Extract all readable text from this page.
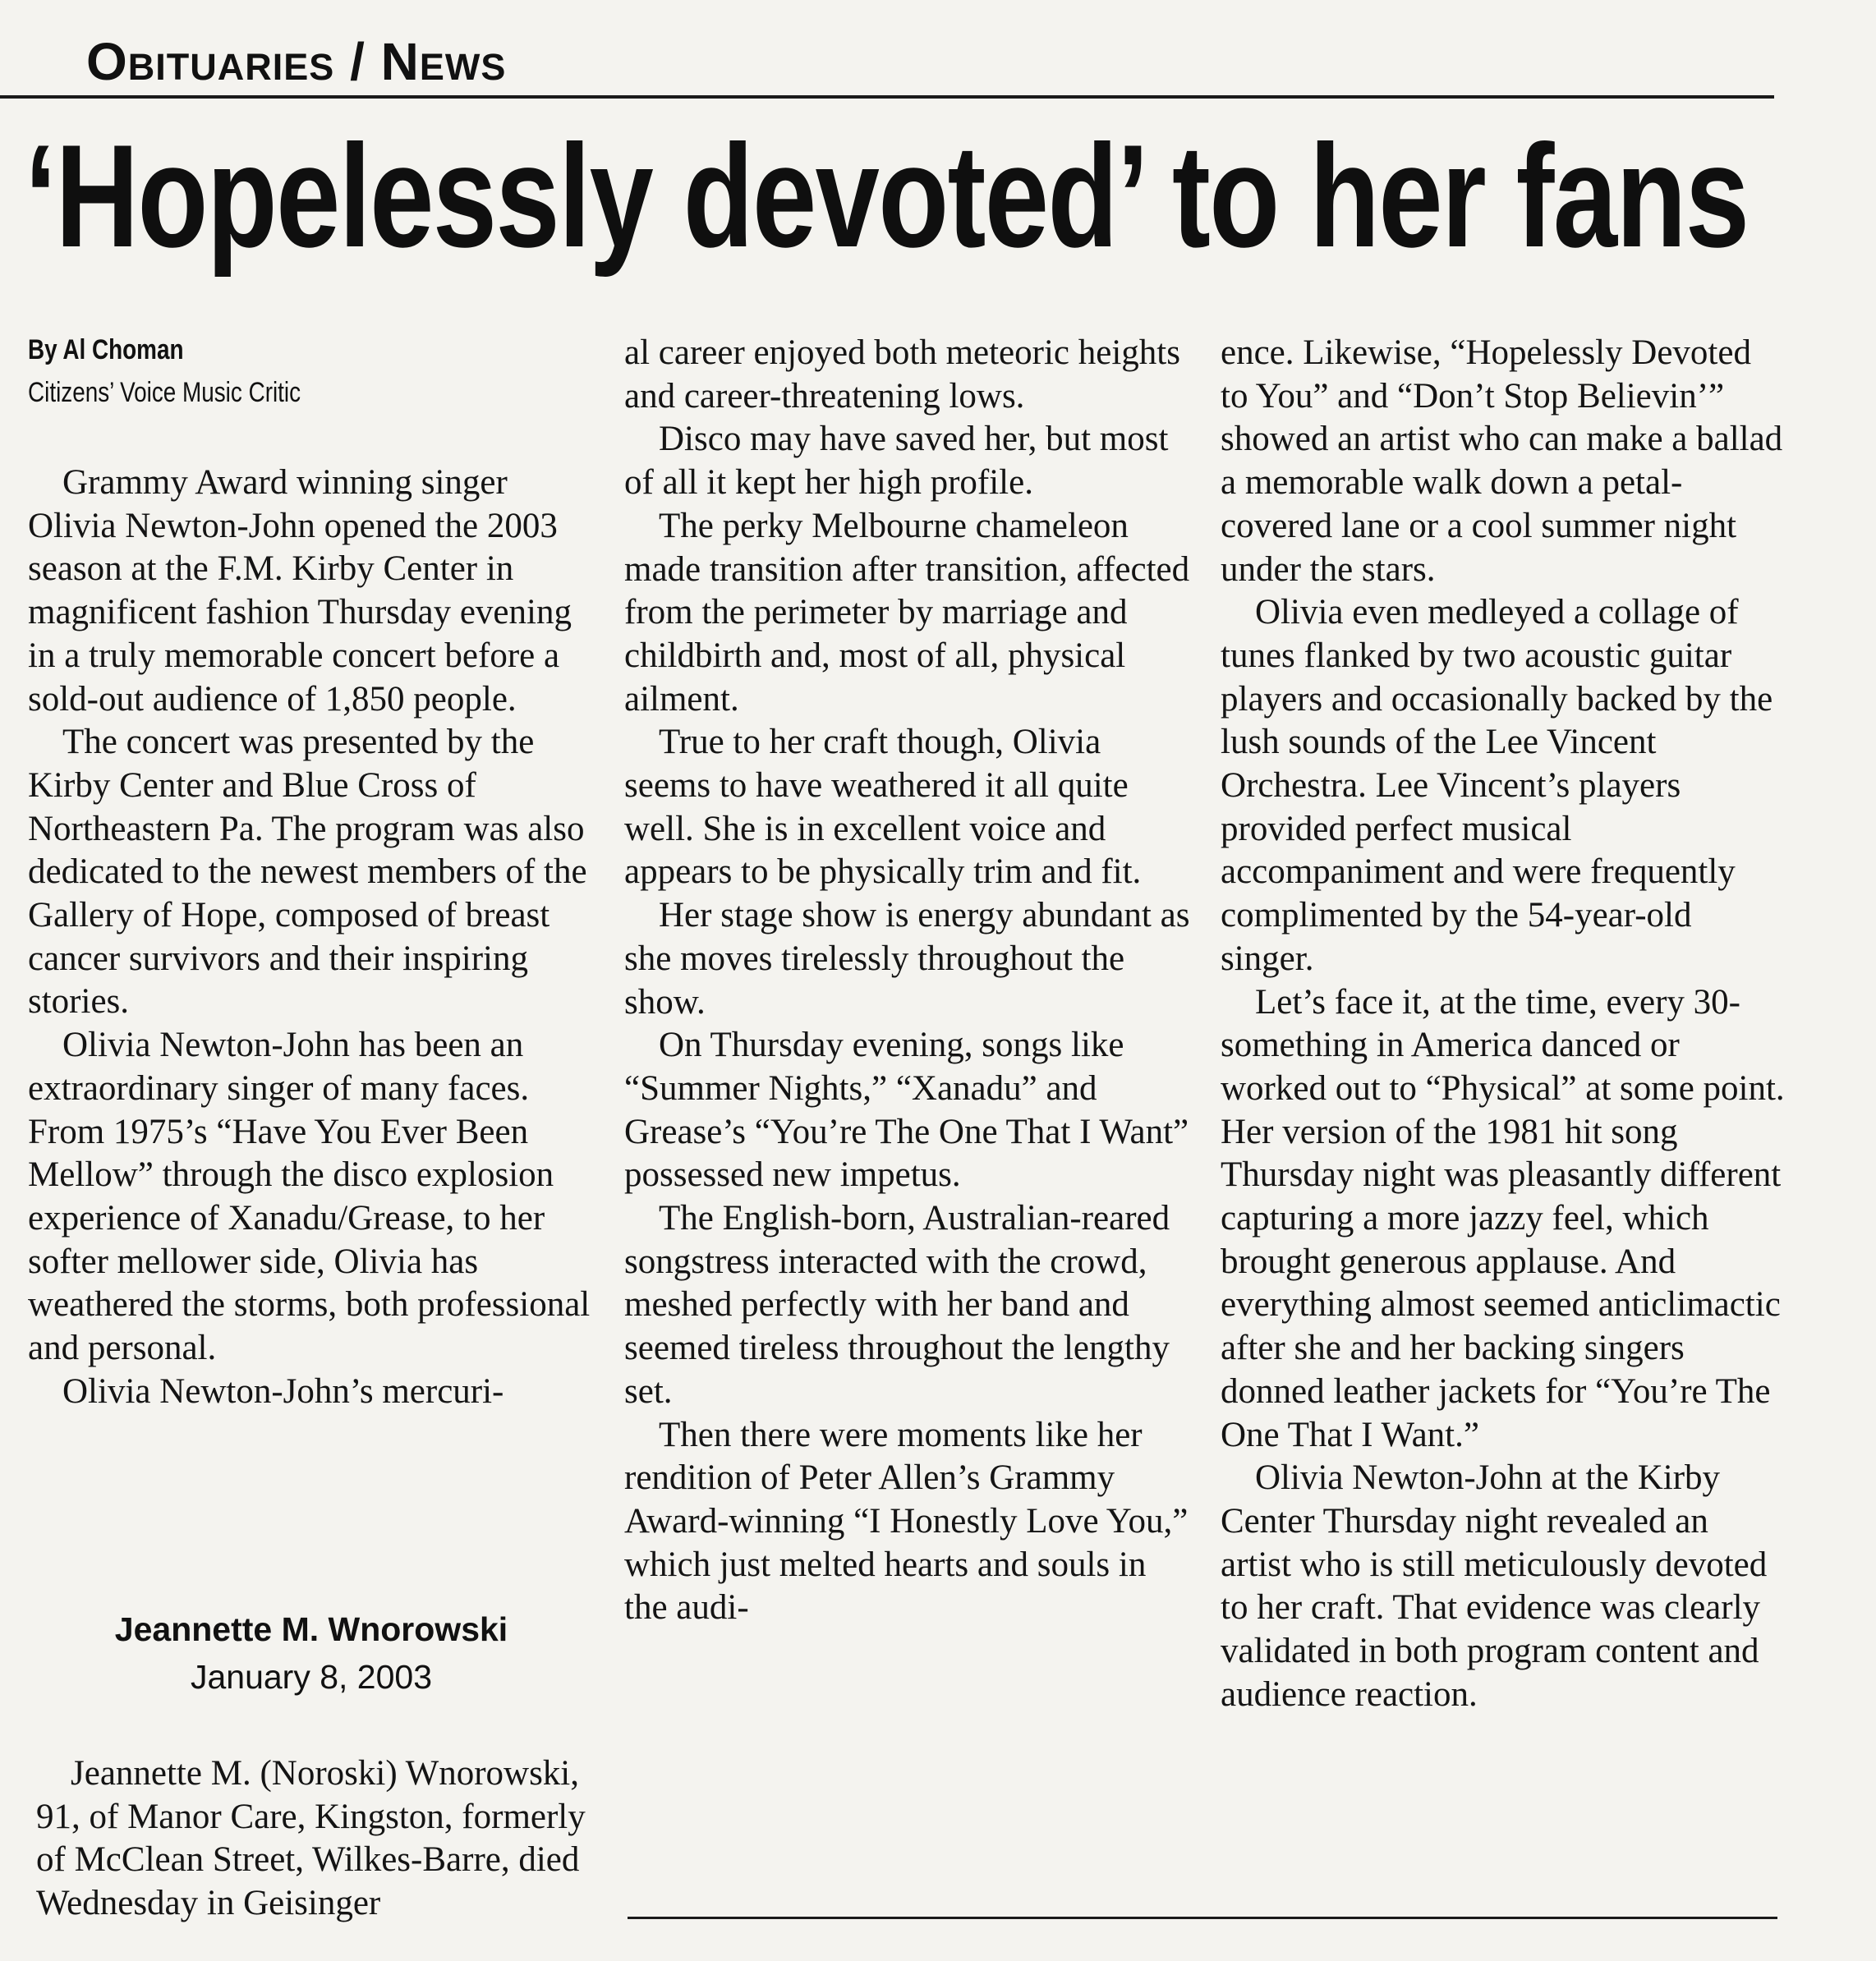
Obituaries / News
‘Hopelessly devoted’ to her fans
By Al Choman
Citizens’ Voice Music Critic

Grammy Award winning singer Olivia Newton-John opened the 2003 season at the F.M. Kirby Center in magnificent fashion Thursday evening in a truly memorable concert before a sold-out audience of 1,850 people.

The concert was presented by the Kirby Center and Blue Cross of Northeastern Pa. The program was also dedicated to the newest members of the Gallery of Hope, composed of breast cancer survivors and their inspiring stories.

Olivia Newton-John has been an extraordinary singer of many faces. From 1975’s “Have You Ever Been Mellow” through the disco explosion experience of Xanadu/Grease, to her softer mellower side, Olivia has weathered the storms, both professional and personal.

Olivia Newton-John’s mercuri-

Jeannette M. Wnorowski
January 8, 2003

Jeannette M. (Noroski) Wnorowski, 91, of Manor Care, Kingston, formerly of McClean Street, Wilkes-Barre, died Wednesday in Geisinger

al career enjoyed both meteoric heights and career-threatening lows.

Disco may have saved her, but most of all it kept her high profile.

The perky Melbourne chameleon made transition after transition, affected from the perimeter by marriage and childbirth and, most of all, physical ailment.

True to her craft though, Olivia seems to have weathered it all quite well. She is in excellent voice and appears to be physically trim and fit.

Her stage show is energy abundant as she moves tirelessly throughout the show.

On Thursday evening, songs like “Summer Nights,” “Xanadu” and Grease’s “You’re The One That I Want” possessed new impetus.

The English-born, Australian-reared songstress interacted with the crowd, meshed perfectly with her band and seemed tireless throughout the lengthy set.

Then there were moments like her rendition of Peter Allen’s Grammy Award-winning “I Honestly Love You,” which just melted hearts and souls in the audi-

ence. Likewise, “Hopelessly Devoted to You” and “Don’t Stop Believin’” showed an artist who can make a ballad a memorable walk down a petal-covered lane or a cool summer night under the stars.

Olivia even medleyed a collage of tunes flanked by two acoustic guitar players and occasionally backed by the lush sounds of the Lee Vincent Orchestra. Lee Vincent’s players provided perfect musical accompaniment and were frequently complimented by the 54-year-old singer.

Let’s face it, at the time, every 30-something in America danced or worked out to “Physical” at some point. Her version of the 1981 hit song Thursday night was pleasantly different capturing a more jazzy feel, which brought generous applause. And everything almost seemed anticlimactic after she and her backing singers donned leather jackets for “You’re The One That I Want.”

Olivia Newton-John at the Kirby Center Thursday night revealed an artist who is still meticulously devoted to her craft. That evidence was clearly validated in both program content and audience reaction.
